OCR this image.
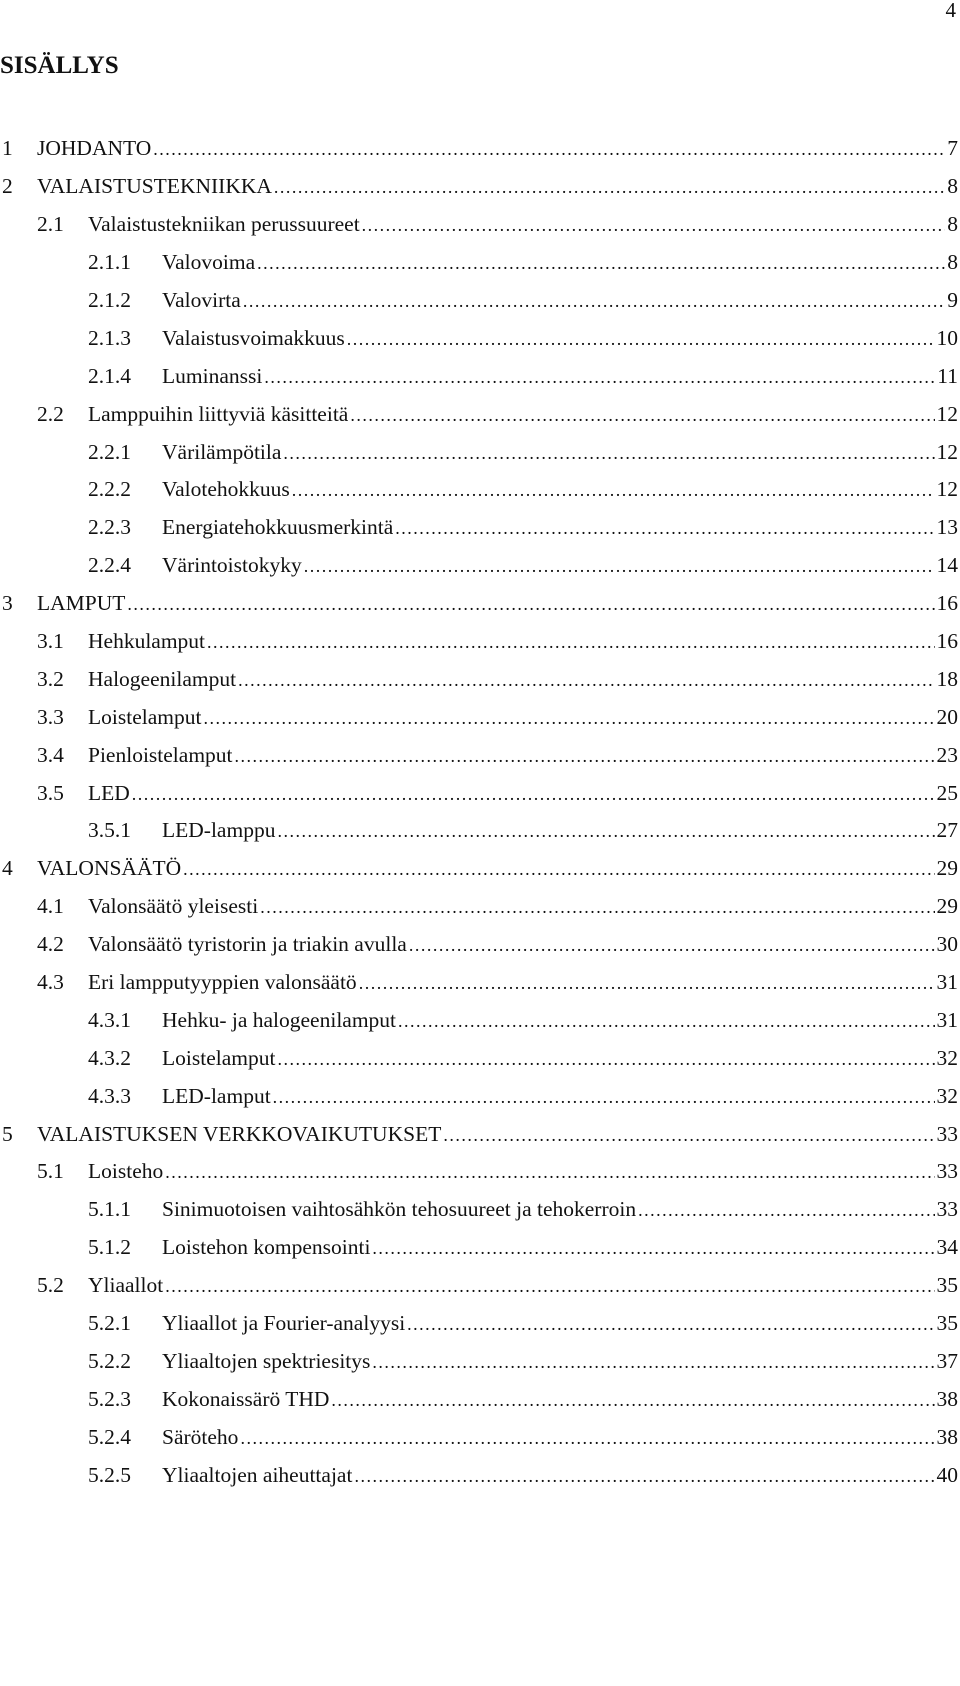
4
SISÄLLYS
1	JOHDANTO .....	7
2	VALAISTUSTEKNIIKKA .....	8
2.1	Valaistustekniikan perussuureet .....	8
2.1.1	Valovoima .....	8
2.1.2	Valovirta .....	9
2.1.3	Valaistusvoimakkuus .....	10
2.1.4	Luminanssi .....	11
2.2	Lamppuihin liittyviä käsitteitä .....	12
2.2.1	Värilämpötila .....	12
2.2.2	Valotehokkuus .....	12
2.2.3	Energiatehokkuusmerkintä .....	13
2.2.4	Värintoistokyky .....	14
3	LAMPUT .....	16
3.1	Hehkulamput .....	16
3.2	Halogeenilamput .....	18
3.3	Loistelamput .....	20
3.4	Pienloistelamput .....	23
3.5	LED .....	25
3.5.1	LED-lamppu .....	27
4	VALONSÄÄTÖ .....	29
4.1	Valonsäätö yleisesti .....	29
4.2	Valonsäätö tyristorin ja triakin avulla .....	30
4.3	Eri lampputyyppien valonsäätö .....	31
4.3.1	Hehku- ja halogeenilamput .....	31
4.3.2	Loistelamput .....	32
4.3.3	LED-lamput .....	32
5	VALAISTUKSEN VERKKOVAIKUTUKSET .....	33
5.1	Loisteho .....	33
5.1.1	Sinimuotoisen vaihtosähkön tehosuureet ja tehokerroin .....	33
5.1.2	Loistehon kompensointi .....	34
5.2	Yliaallot .....	35
5.2.1	Yliaallot ja Fourier-analyysi .....	35
5.2.2	Yliaaltojen spektriesitys .....	37
5.2.3	Kokonaissärö THD .....	38
5.2.4	Säröteho .....	38
5.2.5	Yliaaltojen aiheuttajat .....	40
